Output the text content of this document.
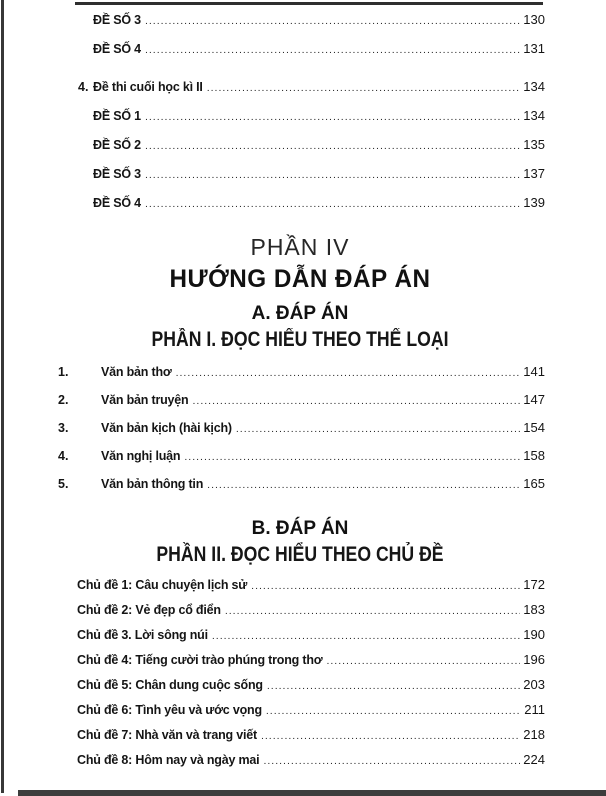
ĐỀ SỐ 3 .....	130
ĐỀ SỐ 4 .....	131
4. Đề thi cuối học kì II .....	134
ĐỀ SỐ 1 .....	134
ĐỀ SỐ 2 .....	135
ĐỀ SỐ 3 .....	137
ĐỀ SỐ 4 .....	139
PHẦN IV
HƯỚNG DẪN ĐÁP ÁN
A. ĐÁP ÁN
PHẦN I. ĐỌC HIỂU THEO THỂ LOẠI
1.	Văn bản thơ .....	141
2.	Văn bản truyện .....	147
3.	Văn bản kịch (hài kịch) .....	154
4.	Văn nghị luận .....	158
5.	Văn bản thông tin .....	165
B. ĐÁP ÁN
PHẦN II. ĐỌC HIỂU THEO CHỦ ĐỀ
Chủ đề 1: Câu chuyện lịch sử .....	172
Chủ đề 2: Vẻ đẹp cổ điển .....	183
Chủ đề 3. Lời sông núi .....	190
Chủ đề 4: Tiếng cười trào phúng trong thơ .....	196
Chủ đề 5: Chân dung cuộc sống .....	203
Chủ đề 6: Tình yêu và ước vọng .....	211
Chủ đề 7: Nhà văn và trang viết .....	218
Chủ đề 8: Hôm nay và ngày mai .....	224
